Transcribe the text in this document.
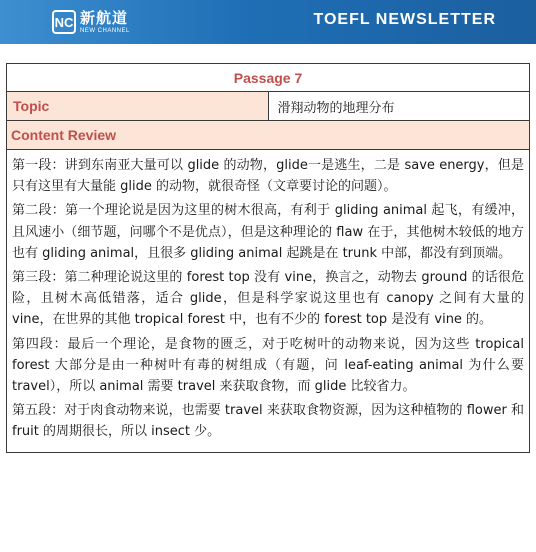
NC 新航道
NEW CHANNEL
TOEFL NEWSLETTER
Passage 7
Topic	滑翔动物的地理分布
Content Review

第一段：讲到东南亚大量可以 glide 的动物，glide一是逃生，二是 save energy，但是只有这里有大量能 glide 的动物，就很奇怪（文章要讨论的问题）。

第二段：第一个理论说是因为这里的树木很高，有利于 gliding animal 起飞，有缓冲，且风速小（细节题，问哪个不是优点），但是这种理论的 flaw 在于，其他树木较低的地方也有 gliding animal，且很多 gliding animal 起跳是在 trunk 中部，都没有到顶端。

第三段：第二种理论说这里的 forest top 没有 vine，换言之，动物去 ground 的话很危险，且树木高低错落，适合 glide，但是科学家说这里也有 canopy 之间有大量的 vine，在世界的其他 tropical forest 中，也有不少的 forest top 是没有 vine 的。

第四段：最后一个理论，是食物的匮乏，对于吃树叶的动物来说，因为这些 tropical forest 大部分是由一种树叶有毒的树组成（有题，问 leaf-eating animal 为什么要 travel），所以 animal 需要 travel 来获取食物，而 glide 比较省力。

第五段：对于肉食动物来说，也需要 travel 来获取食物资源，因为这种植物的 flower 和 fruit 的周期很长，所以 insect 少。
